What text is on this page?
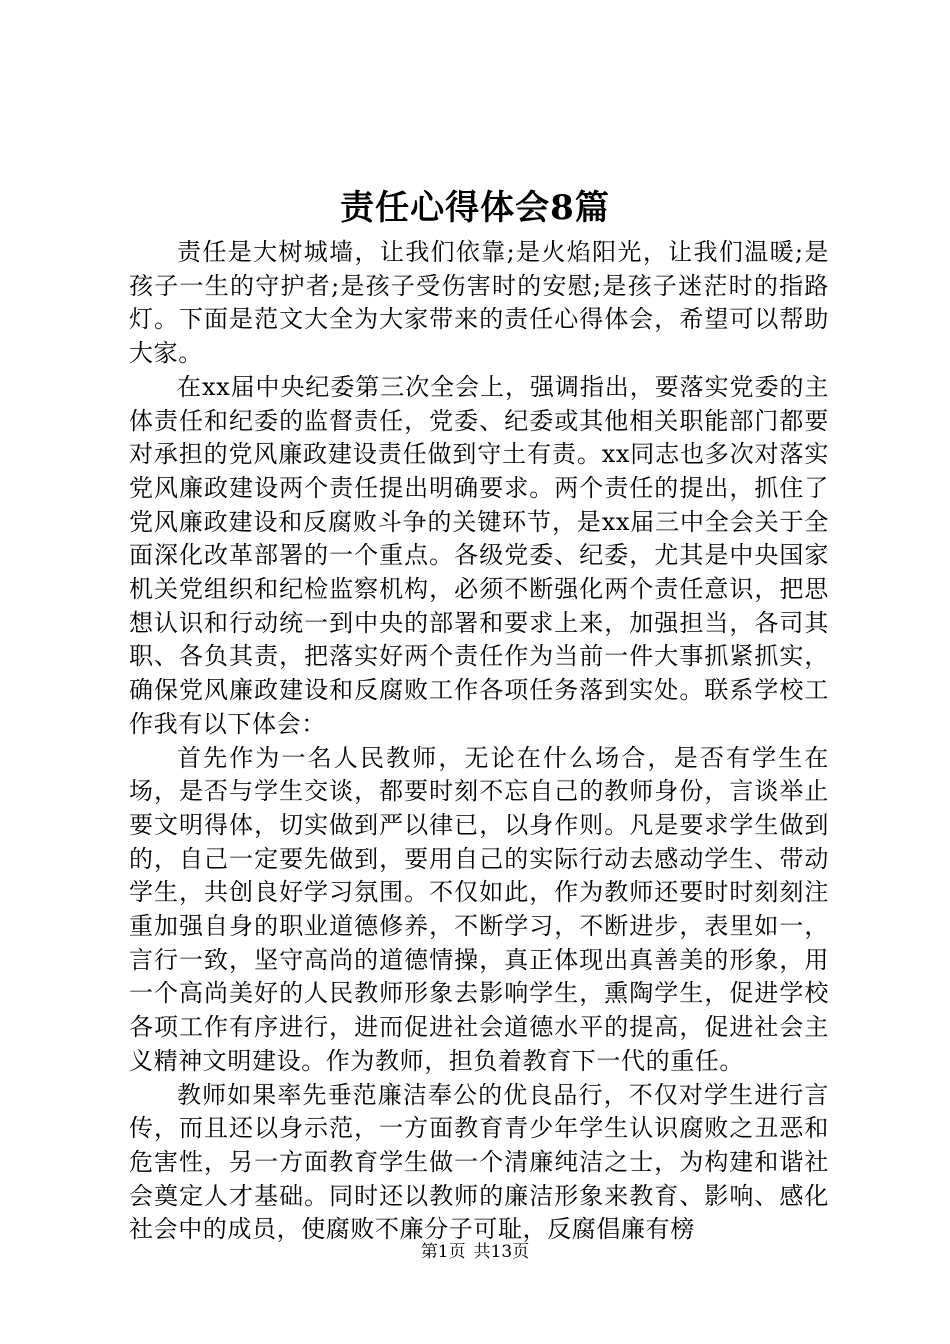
责任心得体会8篇

责任是大树城墙，让我们依靠;是火焰阳光，让我们温暖;是孩子一生的守护者;是孩子受伤害时的安慰;是孩子迷茫时的指路灯。下面是范文大全为大家带来的责任心得体会，希望可以帮助大家。

在xx届中央纪委第三次全会上，强调指出，要落实党委的主体责任和纪委的监督责任，党委、纪委或其他相关职能部门都要对承担的党风廉政建设责任做到守土有责。xx同志也多次对落实党风廉政建设两个责任提出明确要求。两个责任的提出，抓住了党风廉政建设和反腐败斗争的关键环节，是xx届三中全会关于全面深化改革部署的一个重点。各级党委、纪委，尤其是中央国家机关党组织和纪检监察机构，必须不断强化两个责任意识，把思想认识和行动统一到中央的部署和要求上来，加强担当，各司其职、各负其责，把落实好两个责任作为当前一件大事抓紧抓实，确保党风廉政建设和反腐败工作各项任务落到实处。联系学校工作我有以下体会：

首先作为一名人民教师，无论在什么场合，是否有学生在场，是否与学生交谈，都要时刻不忘自己的教师身份，言谈举止要文明得体，切实做到严以律已，以身作则。凡是要求学生做到的，自己一定要先做到，要用自己的实际行动去感动学生、带动学生，共创良好学习氛围。不仅如此，作为教师还要时时刻刻注重加强自身的职业道德修养，不断学习，不断进步，表里如一，言行一致，坚守高尚的道德情操，真正体现出真善美的形象，用一个高尚美好的人民教师形象去影响学生，熏陶学生，促进学校各项工作有序进行，进而促进社会道德水平的提高，促进社会主义精神文明建设。作为教师，担负着教育下一代的重任。

教师如果率先垂范廉洁奉公的优良品行，不仅对学生进行言传，而且还以身示范，一方面教育青少年学生认识腐败之丑恶和危害性，另一方面教育学生做一个清廉纯洁之士，为构建和谐社会奠定人才基础。同时还以教师的廉洁形象来教育、影响、感化社会中的成员，使腐败不廉分子可耻，反腐倡廉有榜

第1页 共13页
